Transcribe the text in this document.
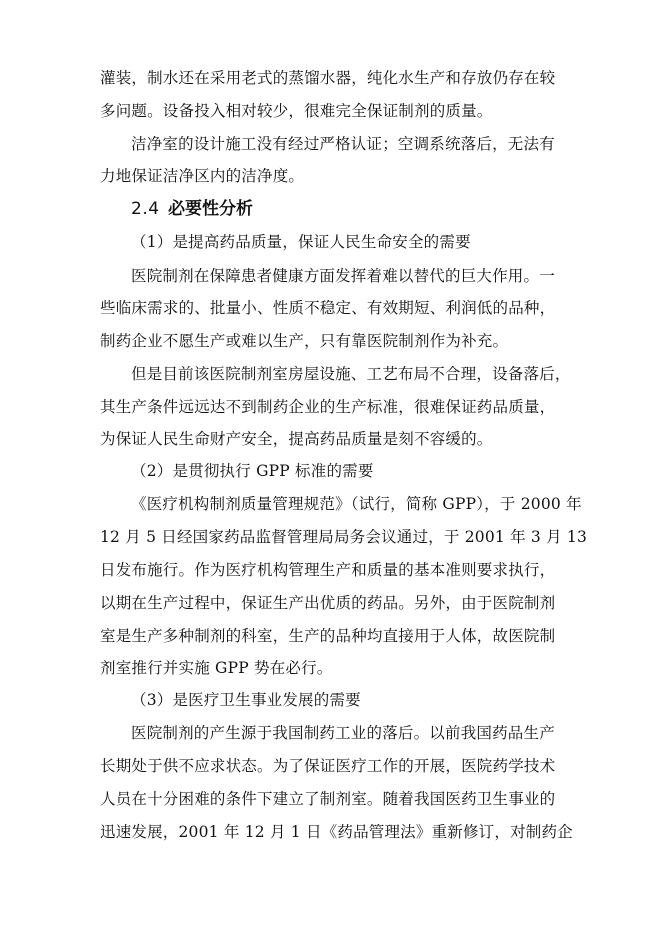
灌装，制水还在采用老式的蒸馏水器，纯化水生产和存放仍存在较
多问题。设备投入相对较少，很难完全保证制剂的质量。
洁净室的设计施工没有经过严格认证；空调系统落后，无法有
力地保证洁净区内的洁净度。
2.4 必要性分析
（1）是提高药品质量，保证人民生命安全的需要
医院制剂在保障患者健康方面发挥着难以替代的巨大作用。一
些临床需求的、批量小、性质不稳定、有效期短、利润低的品种，
制药企业不愿生产或难以生产，只有靠医院制剂作为补充。
但是目前该医院制剂室房屋设施、工艺布局不合理，设备落后，
其生产条件远远达不到制药企业的生产标准，很难保证药品质量，
为保证人民生命财产安全，提高药品质量是刻不容缓的。
（2）是贯彻执行 GPP 标准的需要
《医疗机构制剂质量管理规范》（试行，简称 GPP），于 2000 年
12 月 5 日经国家药品监督管理局局务会议通过，于 2001 年 3 月 13
日发布施行。作为医疗机构管理生产和质量的基本准则要求执行，
以期在生产过程中，保证生产出优质的药品。另外，由于医院制剂
室是生产多种制剂的科室，生产的品种均直接用于人体，故医院制
剂室推行并实施 GPP 势在必行。
（3）是医疗卫生事业发展的需要
医院制剂的产生源于我国制药工业的落后。以前我国药品生产
长期处于供不应求状态。为了保证医疗工作的开展，医院药学技术
人员在十分困难的条件下建立了制剂室。随着我国医药卫生事业的
迅速发展，2001 年 12 月 1 日《药品管理法》重新修订，对制药企
